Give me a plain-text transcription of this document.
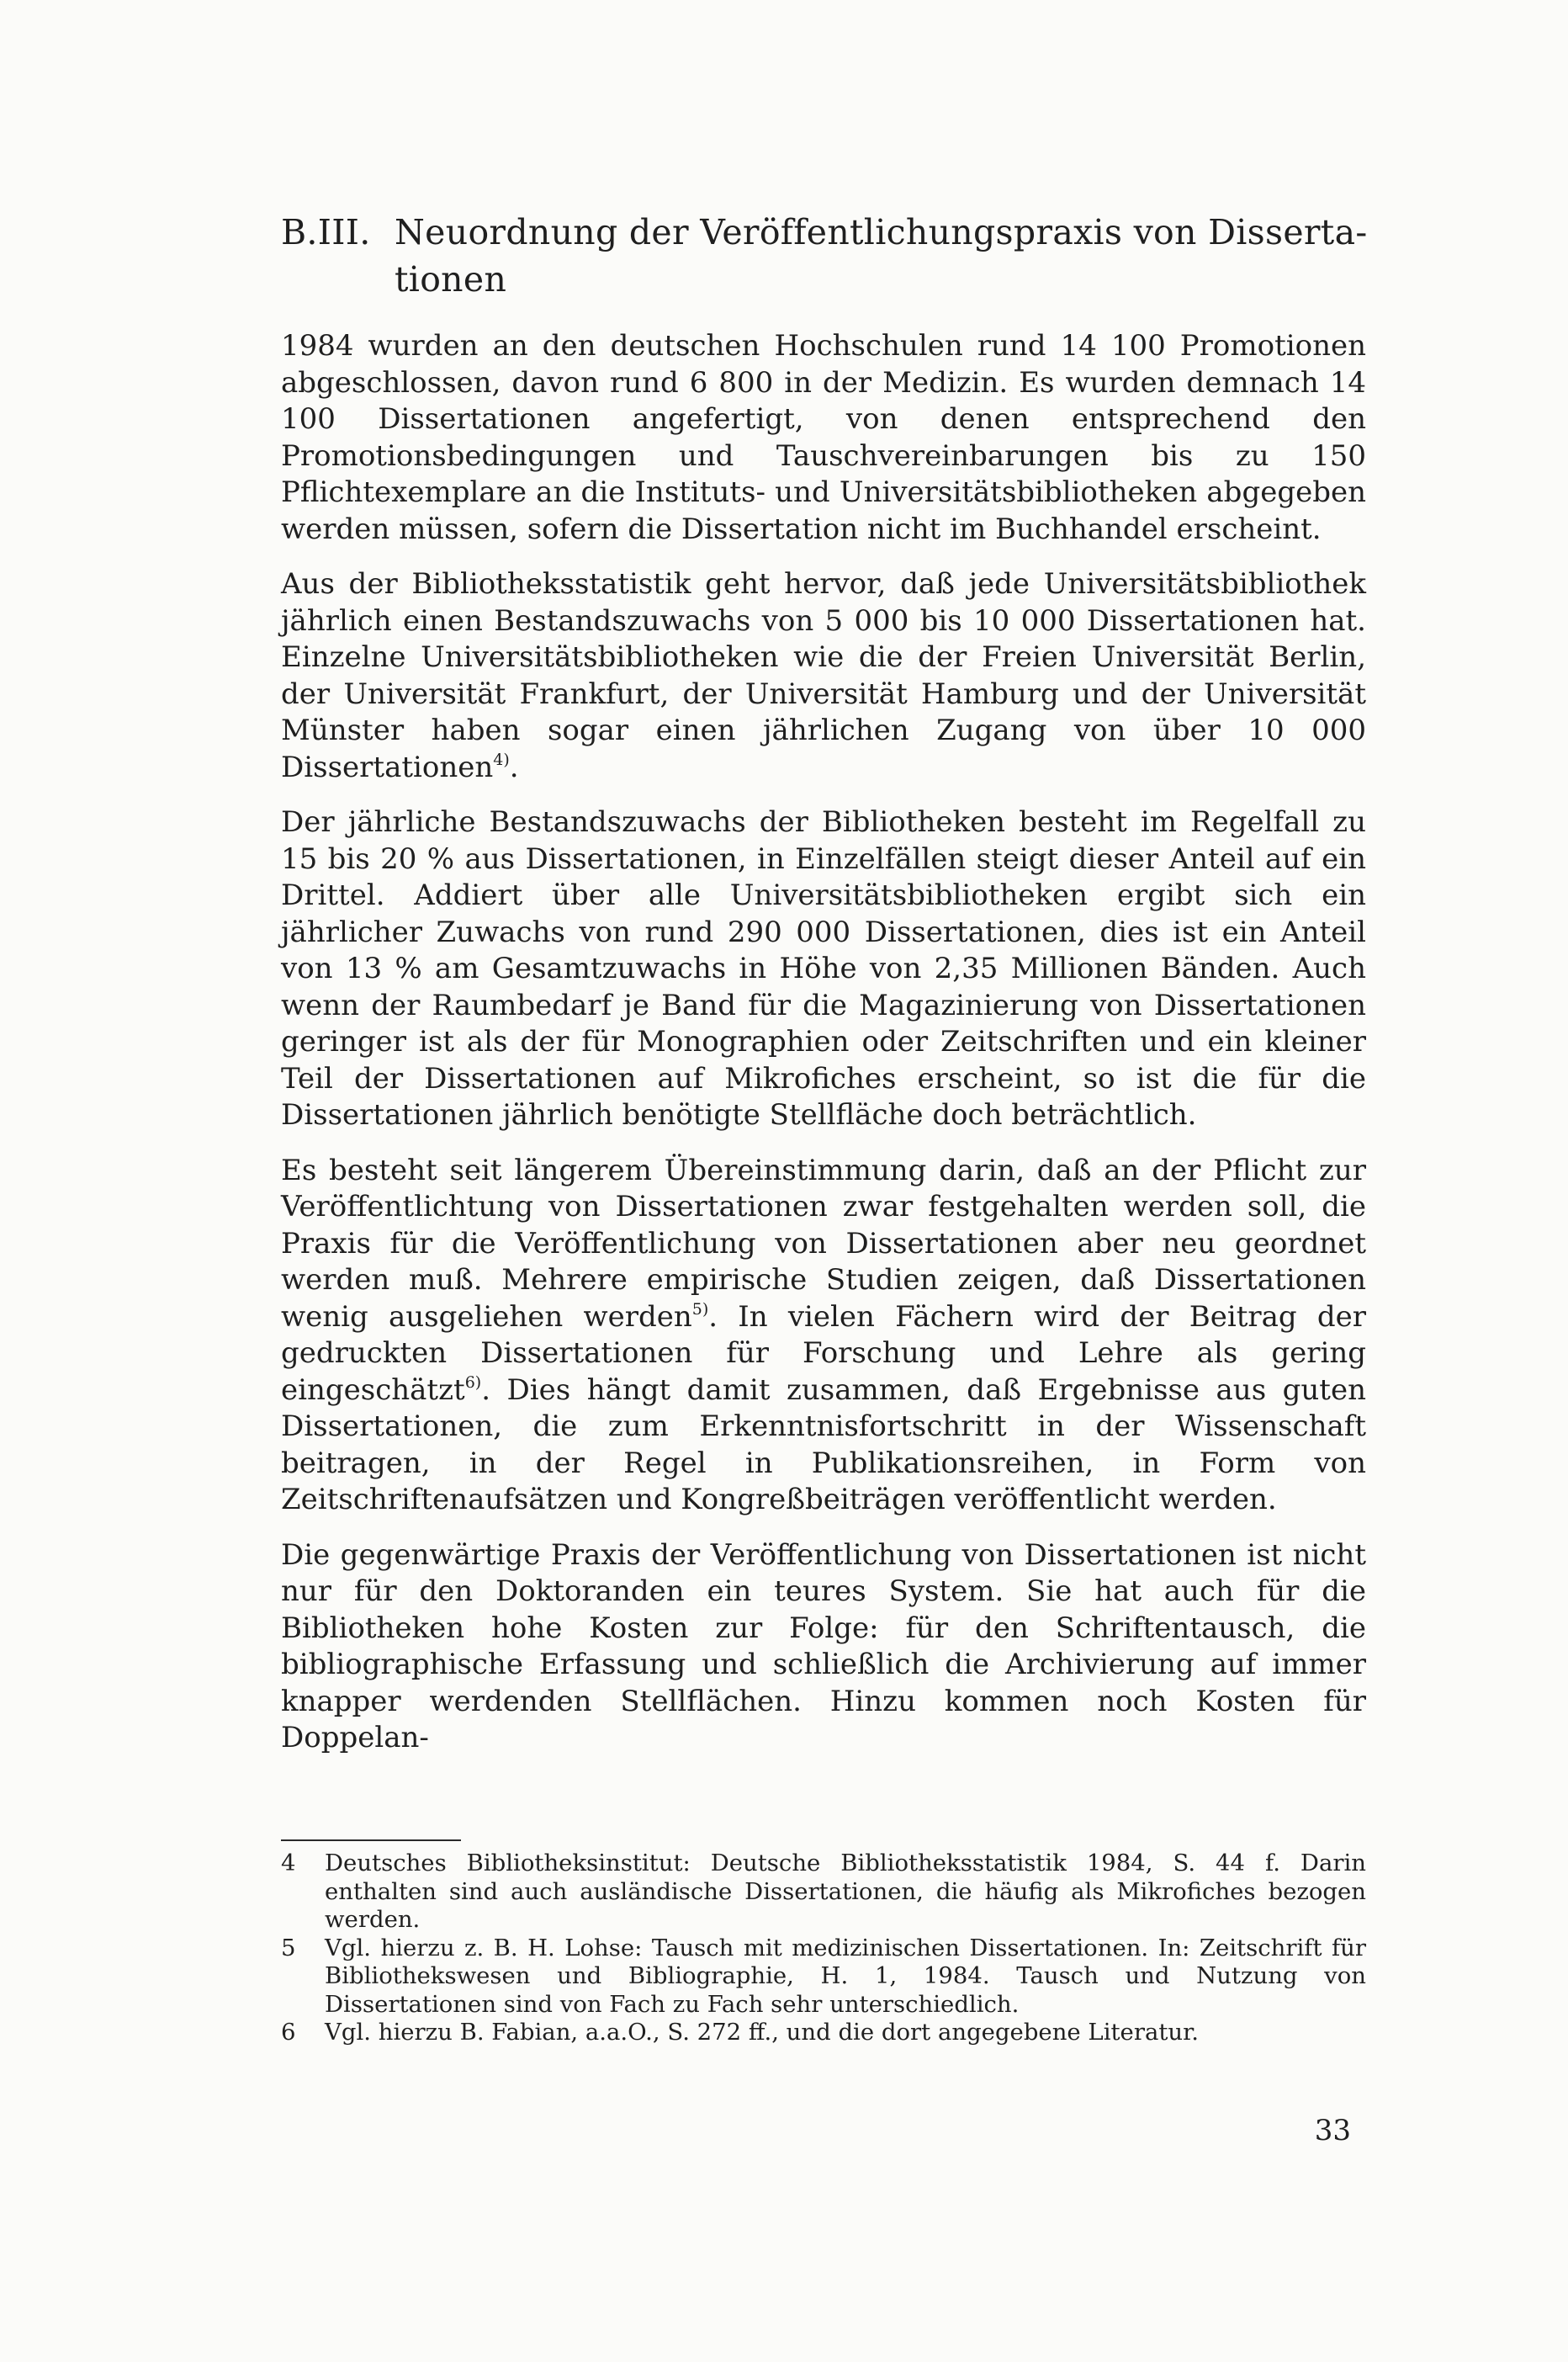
B.III. Neuordnung der Veröffentlichungspraxis von Disserta-
tionen

1984 wurden an den deutschen Hochschulen rund 14 100 Promotionen abgeschlossen, davon rund 6 800 in der Medizin. Es wurden demnach 14 100 Dissertationen angefertigt, von denen entsprechend den Promotionsbedingungen und Tauschvereinbarungen bis zu 150 Pflichtexemplare an die Instituts- und Universitätsbibliotheken abgegeben werden müssen, sofern die Dissertation nicht im Buchhandel erscheint.

Aus der Bibliotheksstatistik geht hervor, daß jede Universitätsbibliothek jährlich einen Bestandszuwachs von 5 000 bis 10 000 Dissertationen hat. Einzelne Universitätsbibliotheken wie die der Freien Universität Berlin, der Universität Frankfurt, der Universität Hamburg und der Universität Münster haben sogar einen jährlichen Zugang von über 10 000 Dissertationen$^{4)}$.

Der jährliche Bestandszuwachs der Bibliotheken besteht im Regelfall zu 15 bis 20 % aus Dissertationen, in Einzelfällen steigt dieser Anteil auf ein Drittel. Addiert über alle Universitätsbibliotheken ergibt sich ein jährlicher Zuwachs von rund 290 000 Dissertationen, dies ist ein Anteil von 13 % am Gesamtzuwachs in Höhe von 2,35 Millionen Bänden. Auch wenn der Raumbedarf je Band für die Magazinierung von Dissertationen geringer ist als der für Monographien oder Zeitschriften und ein kleiner Teil der Dissertationen auf Mikrofiches erscheint, so ist die für die Dissertationen jährlich benötigte Stellfläche doch beträchtlich.

Es besteht seit längerem Übereinstimmung darin, daß an der Pflicht zur Veröffentlichtung von Dissertationen zwar festgehalten werden soll, die Praxis für die Veröffentlichung von Dissertationen aber neu geordnet werden muß. Mehrere empirische Studien zeigen, daß Dissertationen wenig ausgeliehen werden$^{5)}$. In vielen Fächern wird der Beitrag der gedruckten Dissertationen für Forschung und Lehre als gering eingeschätzt$^{6)}$. Dies hängt damit zusammen, daß Ergebnisse aus guten Dissertationen, die zum Erkenntnisfortschritt in der Wissenschaft beitragen, in der Regel in Publikationsreihen, in Form von Zeitschriftenaufsätzen und Kongreßbeiträgen veröffentlicht werden.

Die gegenwärtige Praxis der Veröffentlichung von Dissertationen ist nicht nur für den Doktoranden ein teures System. Sie hat auch für die Bibliotheken hohe Kosten zur Folge: für den Schriftentausch, die bibliographische Erfassung und schließlich die Archivierung auf immer knapper werdenden Stellflächen. Hinzu kommen noch Kosten für Doppelan-

4	Deutsches Bibliotheksinstitut: Deutsche Bibliotheksstatistik 1984, S. 44 f. Darin enthalten sind auch ausländische Dissertationen, die häufig als Mikrofiches bezogen werden.
5	Vgl. hierzu z. B. H. Lohse: Tausch mit medizinischen Dissertationen. In: Zeitschrift für Bibliothekswesen und Bibliographie, H. 1, 1984. Tausch und Nutzung von Dissertationen sind von Fach zu Fach sehr unterschiedlich.
6	Vgl. hierzu B. Fabian, a.a.O., S. 272 ff., und die dort angegebene Literatur.
33
